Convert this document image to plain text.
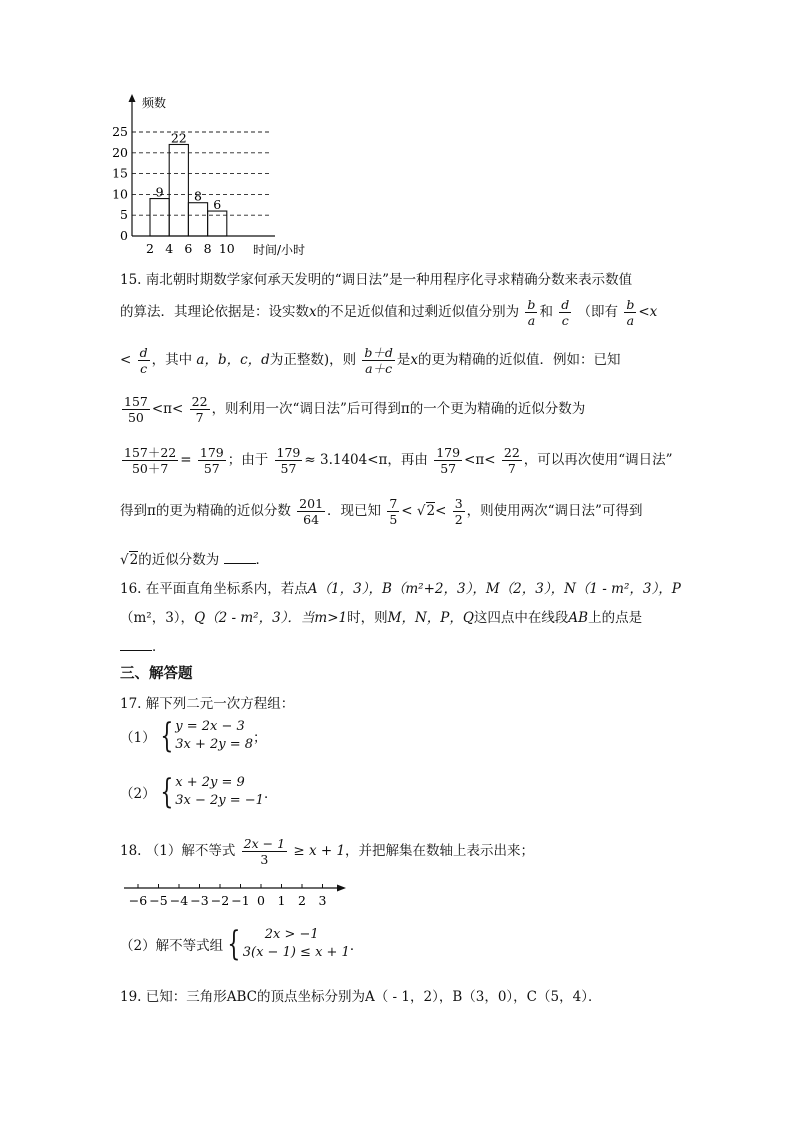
0
5
10
15
20
25
2 4 6 8 10
9
22
8
6
频数
时间/小时
15. 南北朝时期数学家何承天发明的“调日法”是一种用程序化寻求精确分数来表示数值
的算法．其理论依据是：设实数x的不足近似值和过剩近似值分别为 $\frac{b}{a}$ 和 $\frac{d}{c}$ （即有 $\frac{b}{a} <x$
< $\frac{d}{c}$ ，其中 a，b，c，d为正整数)，则 $\frac{b+d}{a+c}$ 是x的更为精确的近似值．例如：已知
$\frac{157}{50} <\pi< \frac{22}{7}$ ，则利用一次“调日法”后可得到π的一个更为精确的近似分数为
$\frac{157+22}{50+7} = \frac{179}{57}$ ；由于 $\frac{179}{57} \approx 3.1404<\pi$，再由 $\frac{179}{57} <\pi< \frac{22}{7}$ ，可以再次使用“调日法”
得到π的更为精确的近似分数 $\frac{201}{64}$ ．现已知 $\frac{7}{5} < √2< \frac{3}{2}$ ，则使用两次“调日法”可得到
√2的近似分数为	．
16. 在平面直角坐标系内，若点A（1，3），B（m²+2，3），M（2，3），N（1 - m²，3），P
（m²，3），Q（2 - m²，3）．当m>1时，则M，N，P，Q这四点中在线段AB上的点是
．
三、解答题
17. 解下列二元一次方程组：
（1） { y = 2x − 3
3x + 2y = 8；
（2） { x + 2y = 9
3x − 2y = −1．
18. （1）解不等式 $\frac{2x - 1}{3} \ge x + 1$，并把解集在数轴上表示出来；
−6 −5 −4 −3 −2 −1 0 1 2 3
（2）解不等式组 { 2x > −1
3(x − 1) ≤ x + 1．
19. 已知：三角形ABC的顶点坐标分别为A（ - 1，2），B（3，0），C（5，4）．
